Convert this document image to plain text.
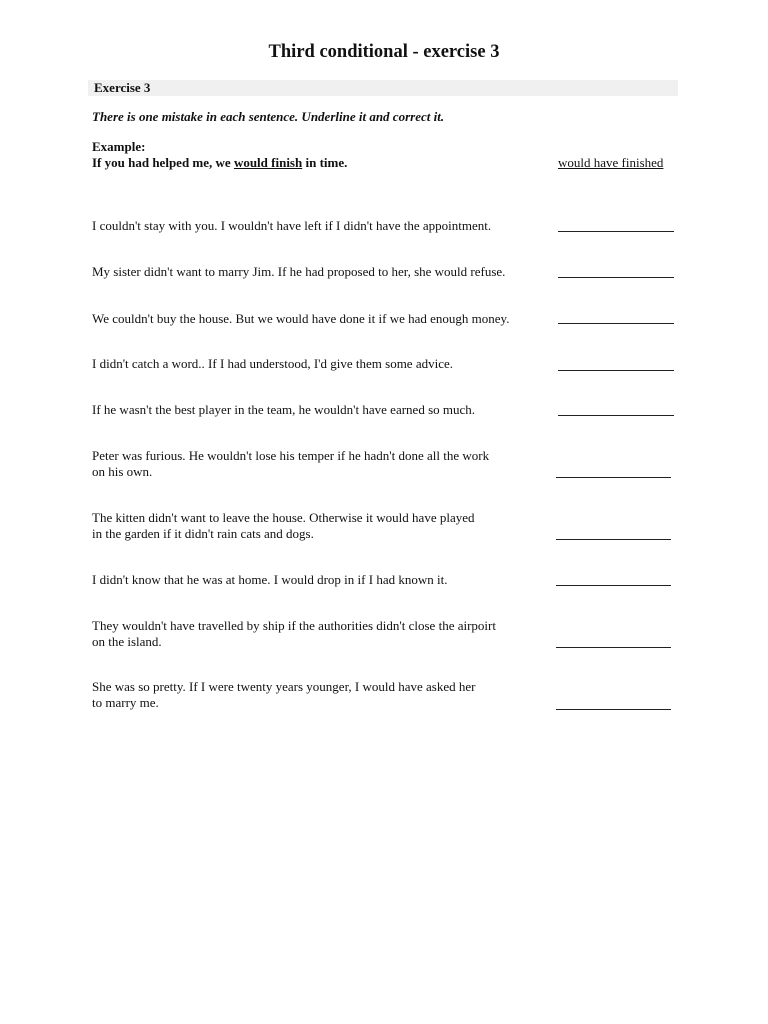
Third conditional - exercise 3
Exercise 3
There is one mistake in each sentence. Underline it and correct it.
Example:
If you had helped me, we would finish in time.	would have finished
I couldn't stay with you. I wouldn't have left if I didn't have the appointment.
My sister didn't want to marry Jim. If he had proposed to her, she would refuse.
We couldn't buy the house. But we would have done it if we had enough money.
I didn't catch a word.. If I had understood, I'd give them some advice.
If he wasn't the best player in the team, he wouldn't have earned so much.
Peter was furious. He wouldn't lose his temper if he hadn't done all the work
on his own.
The kitten didn't want to leave the house. Otherwise it would have played
in the garden if it didn't rain cats and dogs.
I didn't know that he was at home. I would drop in if I had known it.
They wouldn't have travelled by ship if the authorities didn't close the airpoirt
on the island.
She was so pretty. If I were twenty years younger, I would have asked her
to marry me.
